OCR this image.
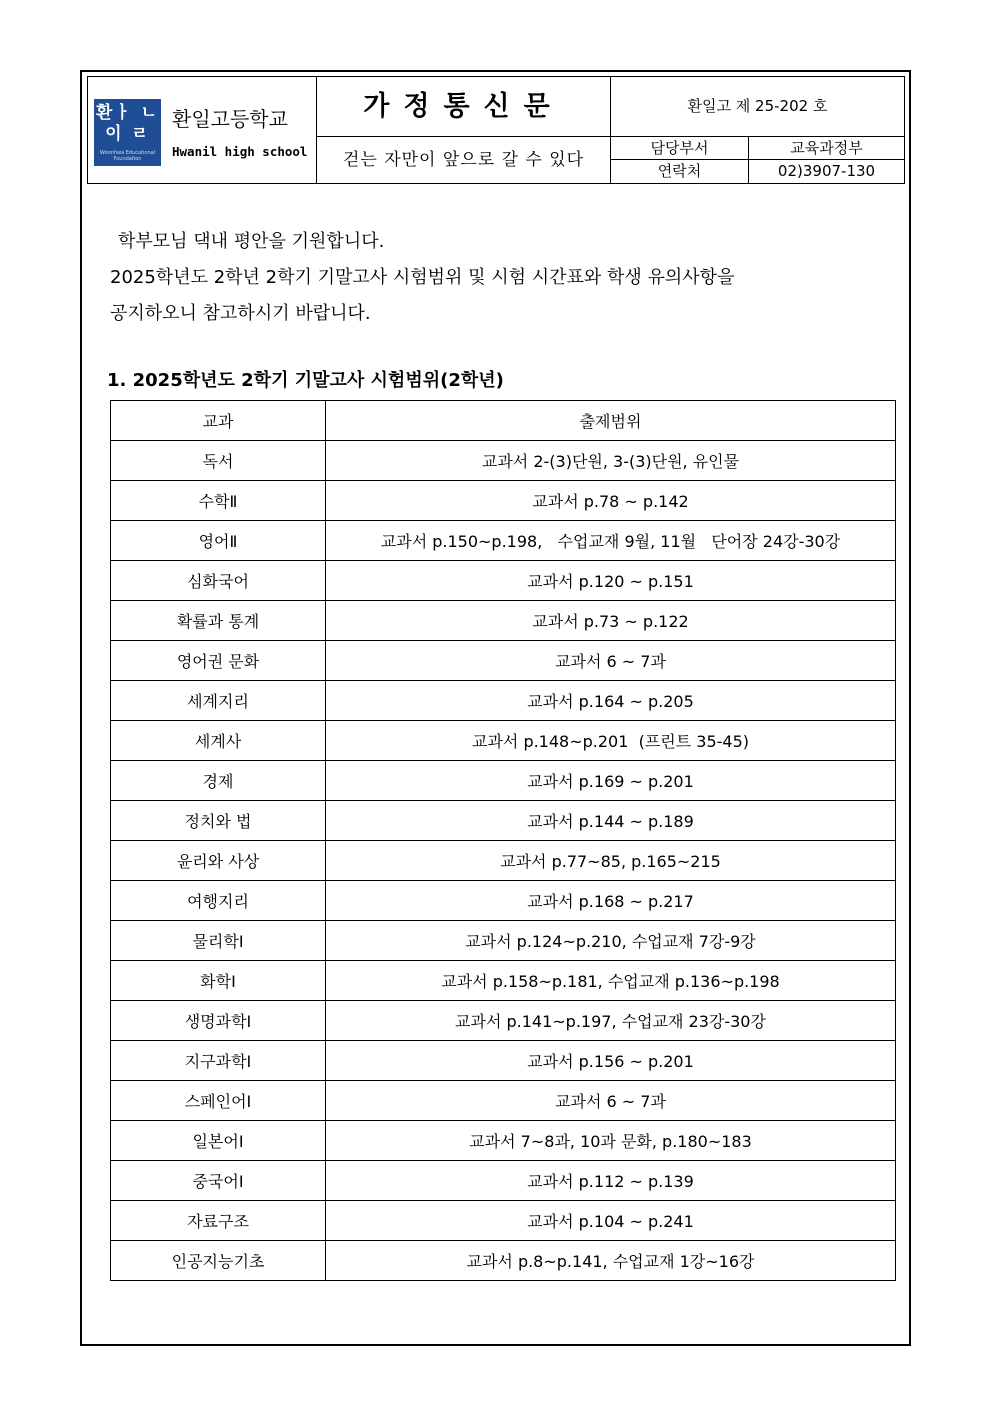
환ㅏ ㄴ
이 ㄹ
Woonhwa Educational Foundation
환일고등학교
Hwanil high school
가정통신문
걷는 자만이 앞으로 갈 수 있다
환일고 제 25-202 호
담당부서	교육과정부
연락처	02)3907-130
학부모님 댁내 평안을 기원합니다.
2025학년도 2학년 2학기 기말고사 시험범위 및 시험 시간표와 학생 유의사항을
공지하오니 참고하시기 바랍니다.
1. 2025학년도 2학기 기말고사 시험범위(2학년)
교과	출제범위
독서	교과서 2-(3)단원, 3-(3)단원, 유인물
수학Ⅱ	교과서 p.78 ~ p.142
영어Ⅱ	교과서 p.150~p.198,   수업교재 9월, 11월   단어장 24강-30강
심화국어	교과서 p.120 ~ p.151
확률과 통계	교과서 p.73 ~ p.122
영어권 문화	교과서 6 ~ 7과
세계지리	교과서 p.164 ~ p.205
세계사	교과서 p.148~p.201  (프린트 35-45)
경제	교과서 p.169 ~ p.201
정치와 법	교과서 p.144 ~ p.189
윤리와 사상	교과서 p.77~85, p.165~215
여행지리	교과서 p.168 ~ p.217
물리학Ⅰ	교과서 p.124~p.210, 수업교재 7강-9강
화학Ⅰ	교과서 p.158~p.181, 수업교재 p.136~p.198
생명과학Ⅰ	교과서 p.141~p.197, 수업교재 23강-30강
지구과학Ⅰ	교과서 p.156 ~ p.201
스페인어Ⅰ	교과서 6 ~ 7과
일본어Ⅰ	교과서 7~8과, 10과 문화, p.180~183
중국어Ⅰ	교과서 p.112 ~ p.139
자료구조	교과서 p.104 ~ p.241
인공지능기초	교과서 p.8~p.141, 수업교재 1강~16강
